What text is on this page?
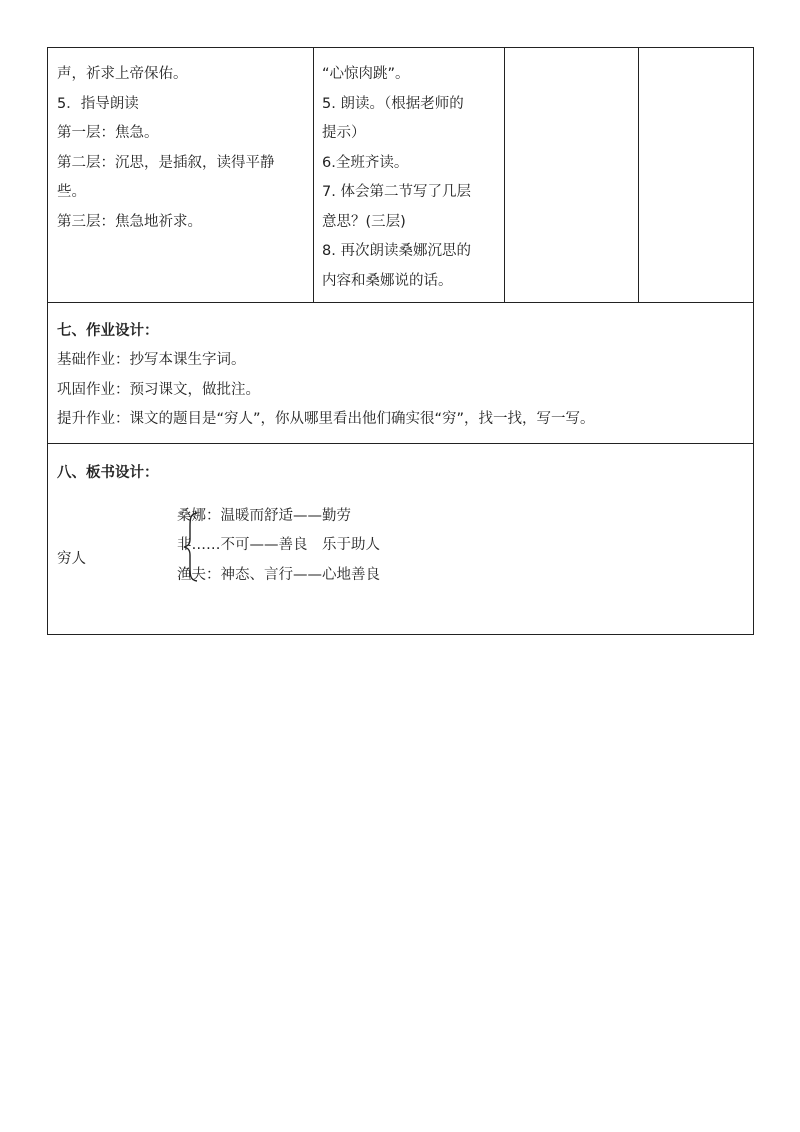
声，祈求上帝保佑。
5．指导朗读
第一层：焦急。
第二层：沉思，是插叙，读得平静
些。
第三层：焦急地祈求。

“心惊肉跳”。
5. 朗读。（根据老师的
提示）
6.全班齐读。
7. 体会第二节写了几层
意思？(三层)
8. 再次朗读桑娜沉思的
内容和桑娜说的话。

七、作业设计：
基础作业：抄写本课生字词。
巩固作业：预习课文，做批注。
提升作业：课文的题目是“穷人”，你从哪里看出他们确实很“穷”，找一找，写一写。

八、板书设计：
穷人
桑娜：温暖而舒适——勤劳
非……不可——善良　乐于助人
渔夫：神态、言行——心地善良
